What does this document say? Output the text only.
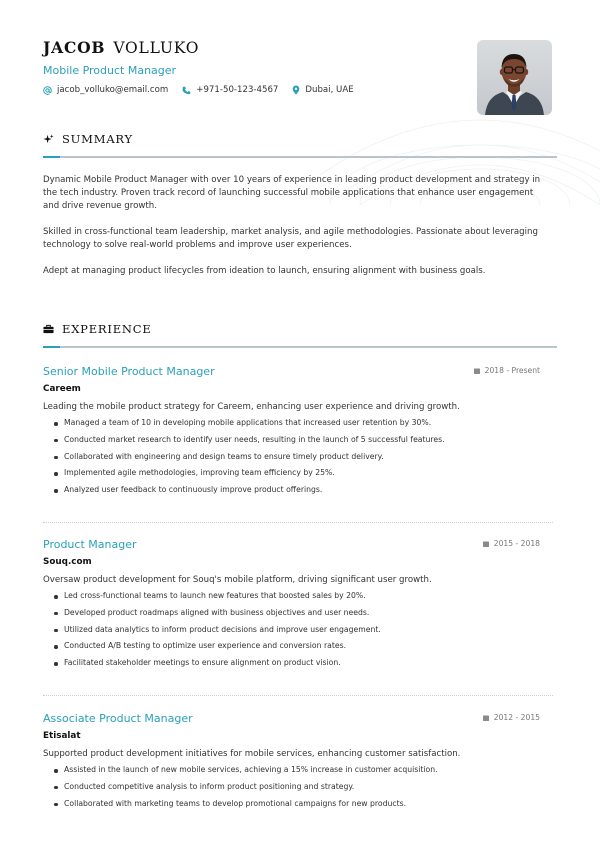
JACOB VOLLUKO
Mobile Product Manager
jacob_volluko@email.com	+971-50-123-4567	Dubai, UAE
SUMMARY

Dynamic Mobile Product Manager with over 10 years of experience in leading product development and strategy in the tech industry. Proven track record of launching successful mobile applications that enhance user engagement and drive revenue growth.

Skilled in cross-functional team leadership, market analysis, and agile methodologies. Passionate about leveraging technology to solve real-world problems and improve user experiences.

Adept at managing product lifecycles from ideation to launch, ensuring alignment with business goals.

EXPERIENCE
Senior Mobile Product Manager	2018 - Present
Careem
Leading the mobile product strategy for Careem, enhancing user experience and driving growth.
Managed a team of 10 in developing mobile applications that increased user retention by 30%.
Conducted market research to identify user needs, resulting in the launch of 5 successful features.
Collaborated with engineering and design teams to ensure timely product delivery.
Implemented agile methodologies, improving team efficiency by 25%.
Analyzed user feedback to continuously improve product offerings.
Product Manager	2015 - 2018
Souq.com
Oversaw product development for Souq's mobile platform, driving significant user growth.
Led cross-functional teams to launch new features that boosted sales by 20%.
Developed product roadmaps aligned with business objectives and user needs.
Utilized data analytics to inform product decisions and improve user engagement.
Conducted A/B testing to optimize user experience and conversion rates.
Facilitated stakeholder meetings to ensure alignment on product vision.
Associate Product Manager	2012 - 2015
Etisalat
Supported product development initiatives for mobile services, enhancing customer satisfaction.
Assisted in the launch of new mobile services, achieving a 15% increase in customer acquisition.
Conducted competitive analysis to inform product positioning and strategy.
Collaborated with marketing teams to develop promotional campaigns for new products.
